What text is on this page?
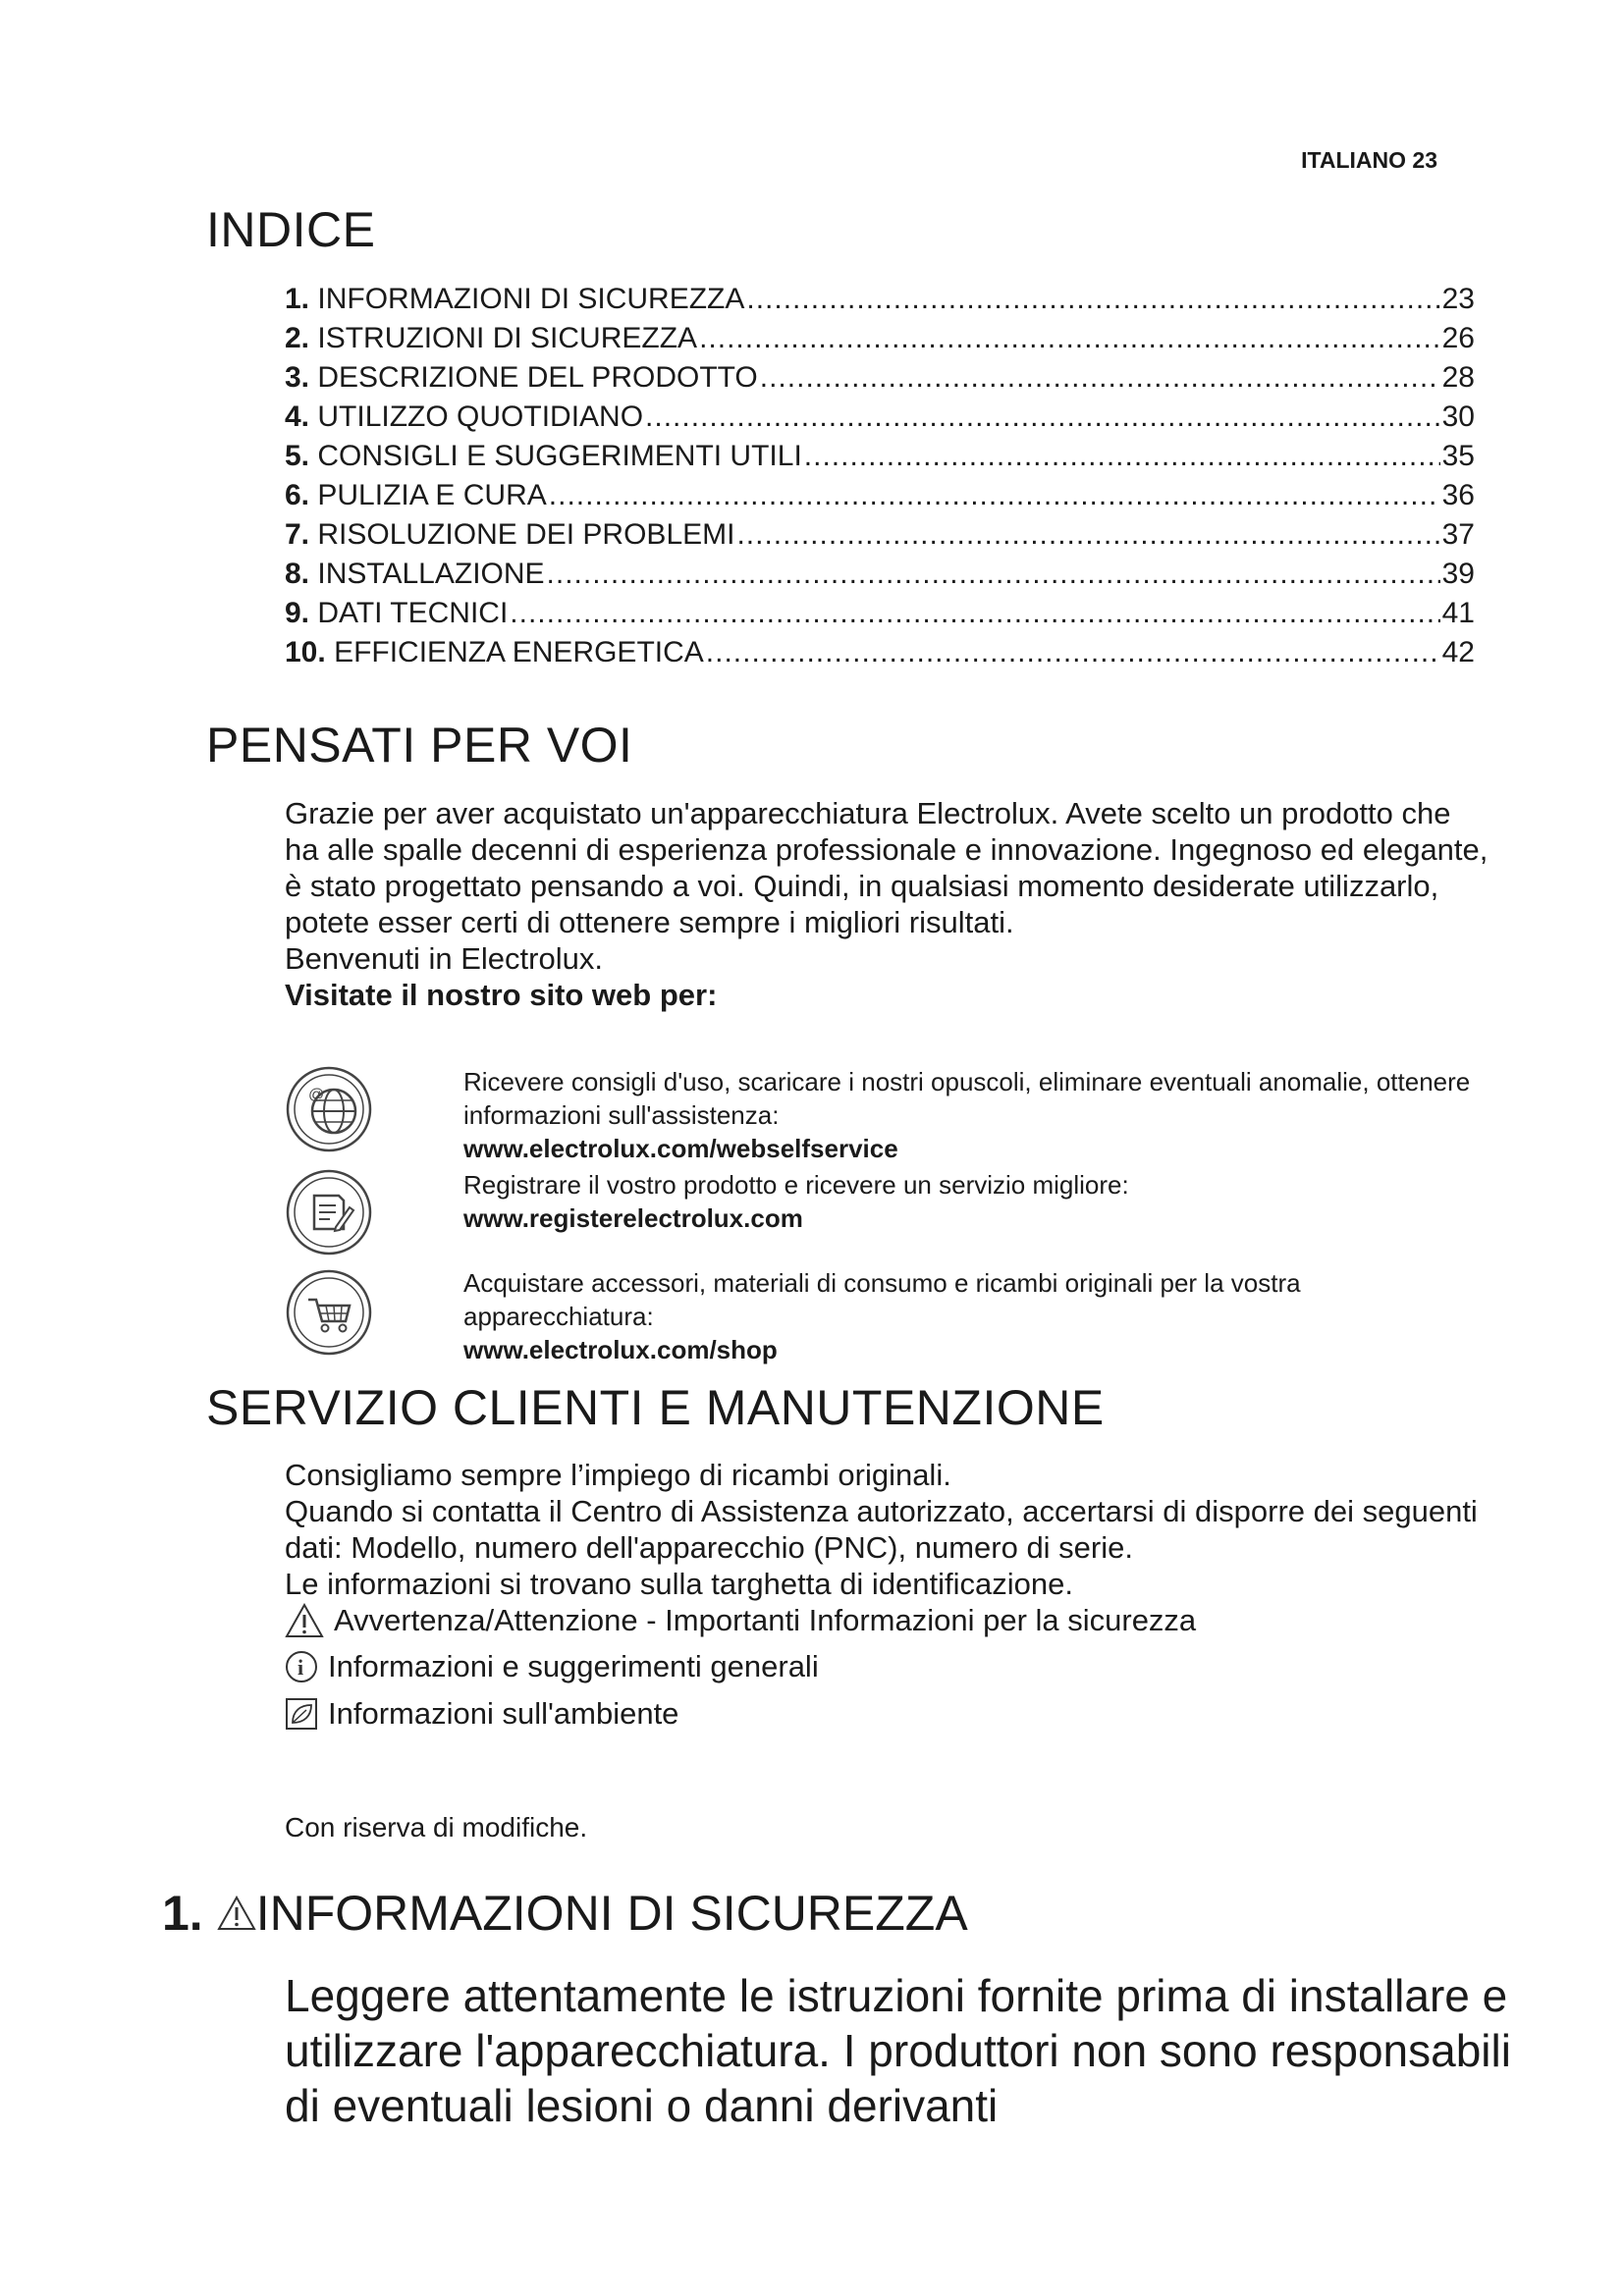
ITALIANO 23
INDICE
1.
INFORMAZIONI DI SICUREZZA .....	23
2.
ISTRUZIONI DI SICUREZZA .....	26
3.
DESCRIZIONE DEL PRODOTTO .....	28
4.
UTILIZZO QUOTIDIANO .....	30
5.
CONSIGLI E SUGGERIMENTI UTILI .....	35
6.
PULIZIA E CURA .....	36
7.
RISOLUZIONE DEI PROBLEMI .....	37
8.
INSTALLAZIONE .....	39
9.
DATI TECNICI .....	41
10.
EFFICIENZA ENERGETICA .....	42
PENSATI PER VOI

Grazie per aver acquistato un'apparecchiatura Electrolux. Avete scelto un prodotto che ha alle spalle decenni di esperienza professionale e innovazione. Ingegnoso ed elegante, è stato progettato pensando a voi. Quindi, in qualsiasi momento desiderate utilizzarlo, potete esser certi di ottenere sempre i migliori risultati.

Benvenuti in Electrolux.

Visitate il nostro sito web per:

@	Ricevere consigli d'uso, scaricare i nostri opuscoli, eliminare eventuali anomalie, ottenere informazioni sull'assistenza:
www.electrolux.com/webselfservice
Registrare il vostro prodotto e ricevere un servizio migliore:
www.registerelectrolux.com
Acquistare accessori, materiali di consumo e ricambi originali per la vostra apparecchiatura:
www.electrolux.com/shop
SERVIZIO CLIENTI E MANUTENZIONE

Consigliamo sempre l’impiego di ricambi originali.

Quando si contatta il Centro di Assistenza autorizzato, accertarsi di disporre dei seguenti dati: Modello, numero dell'apparecchio (PNC), numero di serie.

Le informazioni si trovano sulla targhetta di identificazione.

Avvertenza/Attenzione - Importanti Informazioni per la sicurezza
i Informazioni e suggerimenti generali
Informazioni sull'ambiente
Con riserva di modifiche.
1. INFORMAZIONI DI SICUREZZA
Leggere attentamente le istruzioni fornite prima di installare e utilizzare l'apparecchiatura. I produttori non sono responsabili di eventuali lesioni o danni derivanti
